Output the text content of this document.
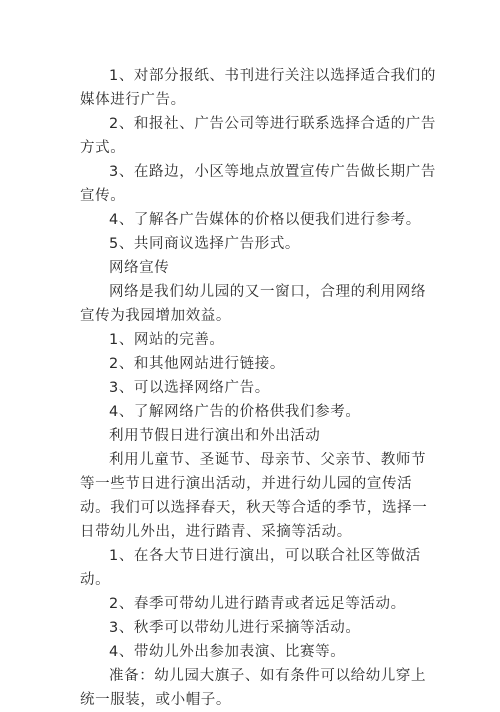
1、对部分报纸、书刊进行关注以选择适合我们的媒体进行广告。

2、和报社、广告公司等进行联系选择合适的广告方式。

3、在路边，小区等地点放置宣传广告做长期广告宣传。

4、了解各广告媒体的价格以便我们进行参考。

5、共同商议选择广告形式。

网络宣传

网络是我们幼儿园的又一窗口，合理的利用网络宣传为我园增加效益。

1、网站的完善。

2、和其他网站进行链接。

3、可以选择网络广告。

4、了解网络广告的价格供我们参考。

利用节假日进行演出和外出活动

利用儿童节、圣诞节、母亲节、父亲节、教师节等一些节日进行演出活动，并进行幼儿园的宣传活动。我们可以选择春天，秋天等合适的季节，选择一日带幼儿外出，进行踏青、采摘等活动。

1、在各大节日进行演出，可以联合社区等做活动。

2、春季可带幼儿进行踏青或者远足等活动。

3、秋季可以带幼儿进行采摘等活动。

4、带幼儿外出参加表演、比赛等。

准备：幼儿园大旗子、如有条件可以给幼儿穿上统一服装，或小帽子。
